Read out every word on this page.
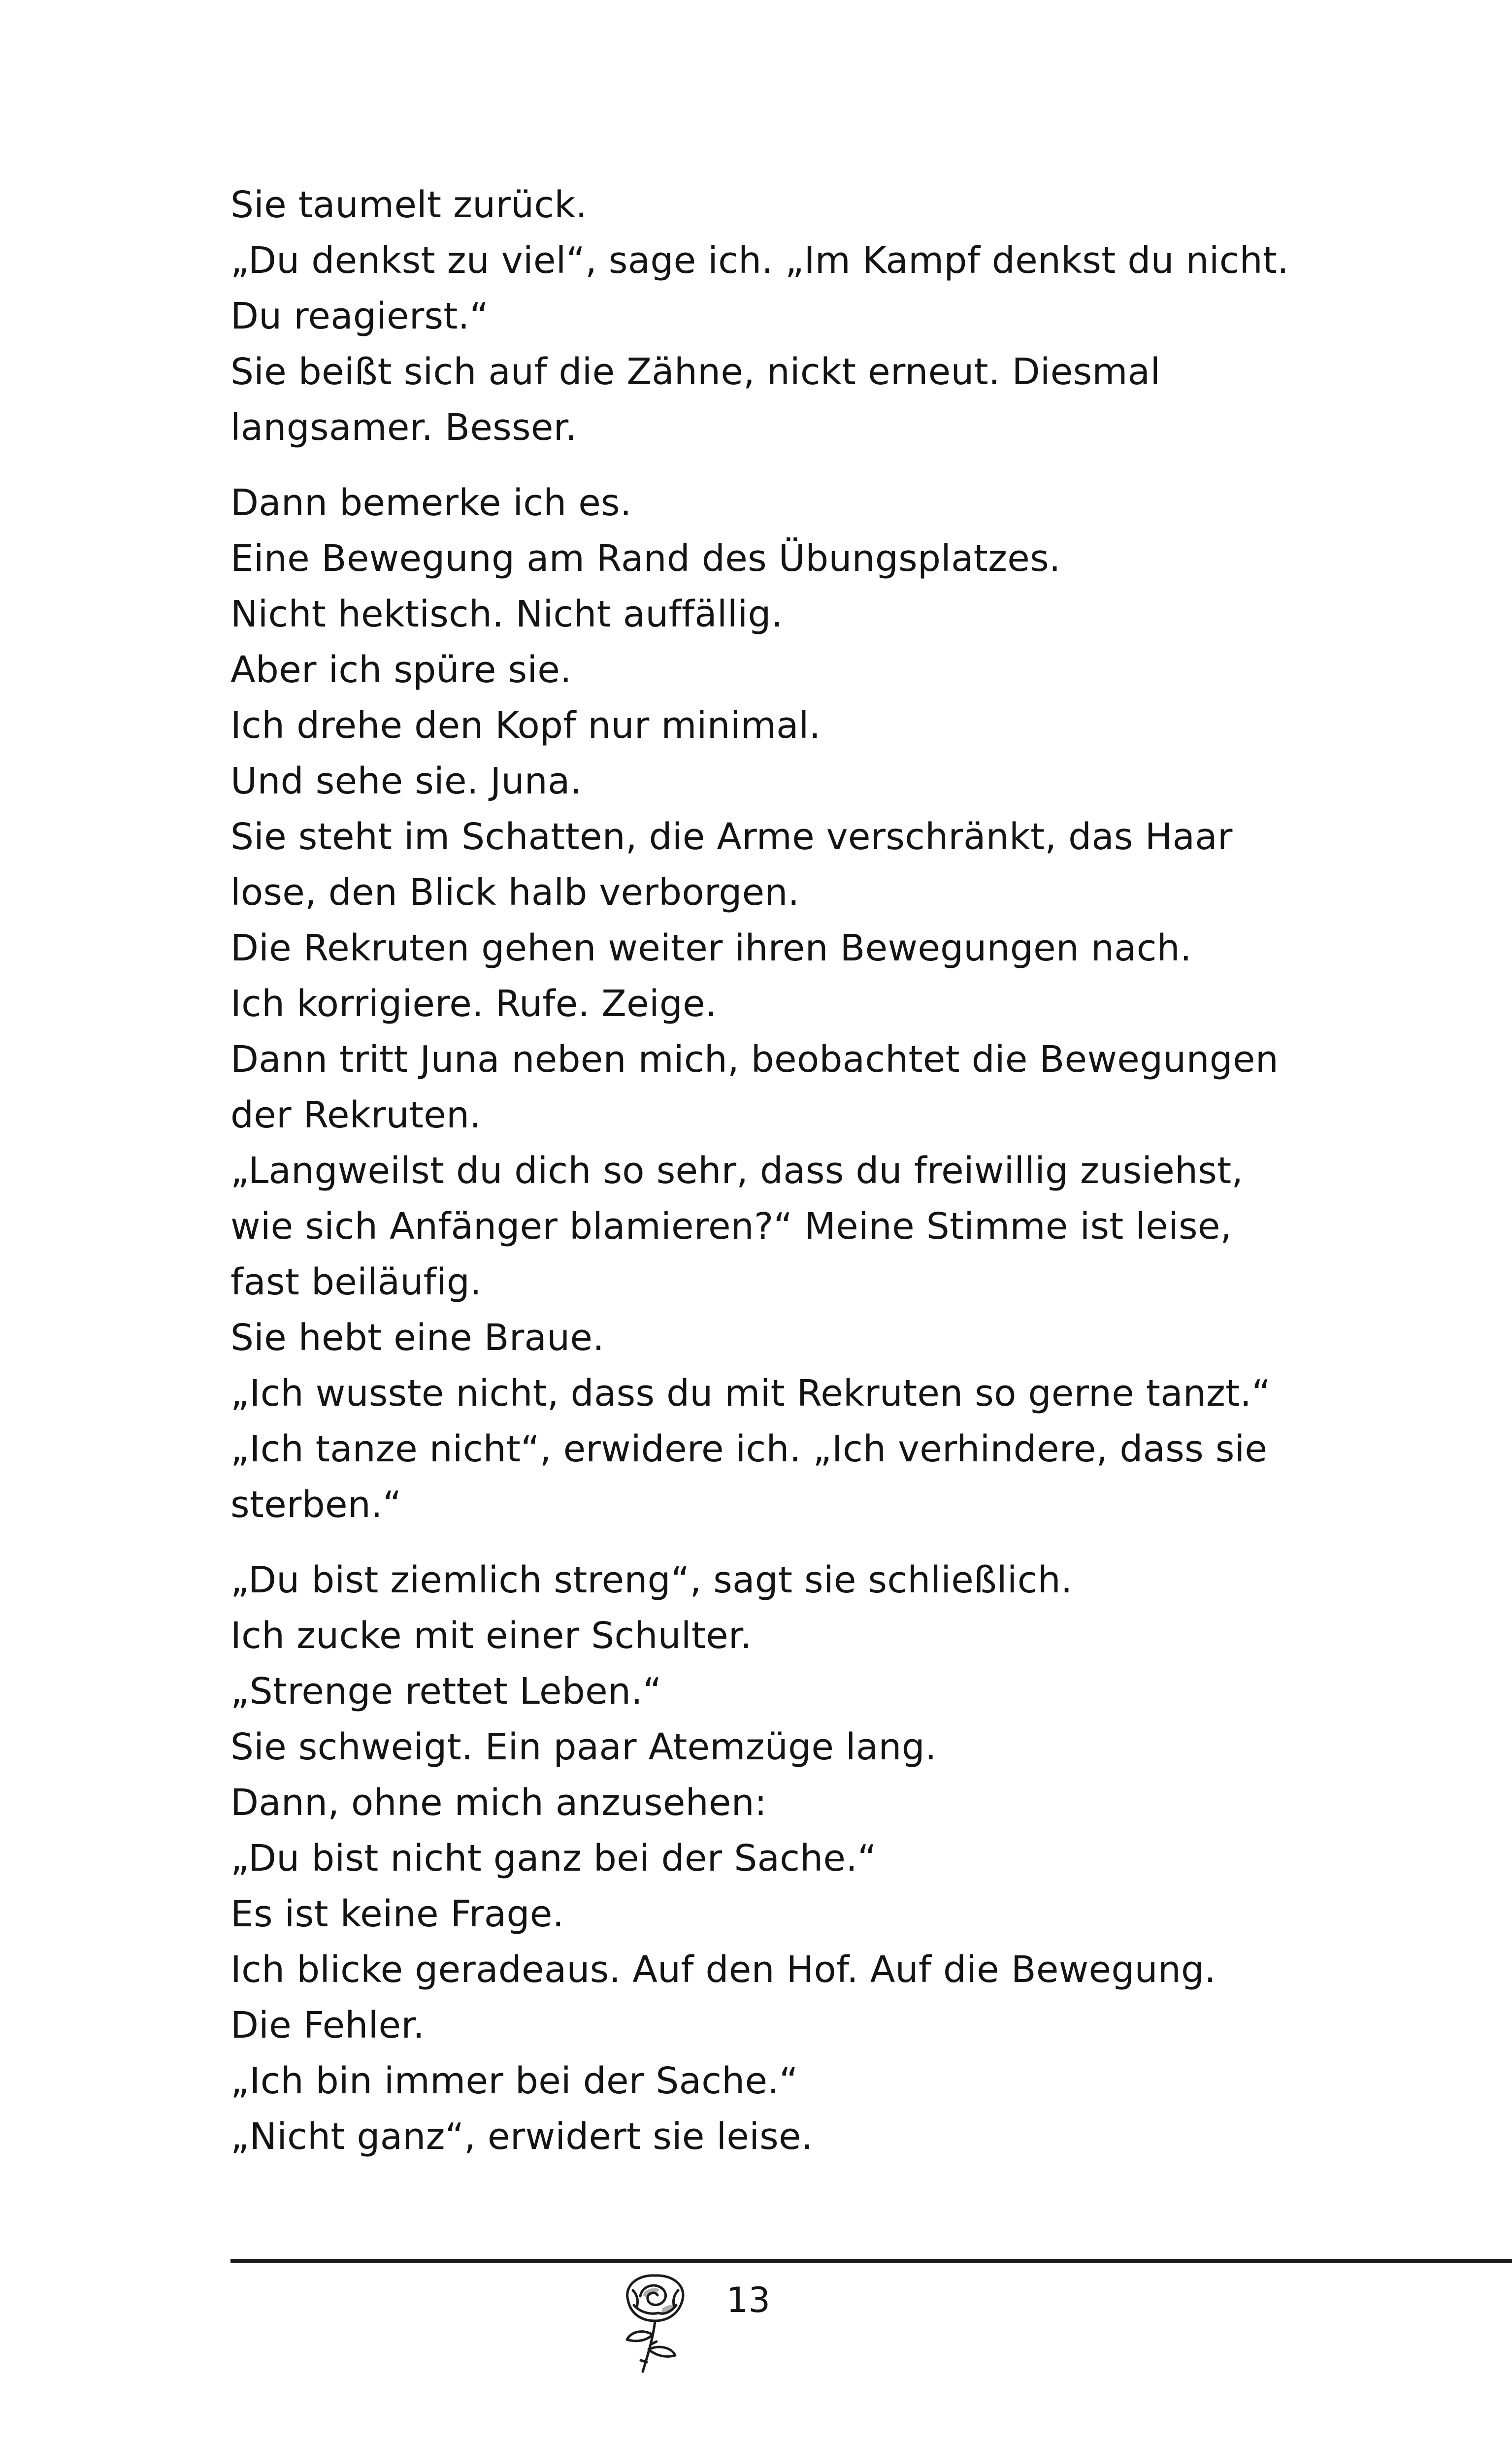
Sie taumelt zurück.
„Du denkst zu viel“, sage ich. „Im Kampf denkst du nicht.
Du reagierst.“
Sie beißt sich auf die Zähne, nickt erneut. Diesmal
langsamer. Besser.
Dann bemerke ich es.
Eine Bewegung am Rand des Übungsplatzes.
Nicht hektisch. Nicht auffällig.
Aber ich spüre sie.
Ich drehe den Kopf nur minimal.
Und sehe sie. Juna.
Sie steht im Schatten, die Arme verschränkt, das Haar
lose, den Blick halb verborgen.
Die Rekruten gehen weiter ihren Bewegungen nach.
Ich korrigiere. Rufe. Zeige.
Dann tritt Juna neben mich, beobachtet die Bewegungen
der Rekruten.
„Langweilst du dich so sehr, dass du freiwillig zusiehst,
wie sich Anfänger blamieren?“ Meine Stimme ist leise,
fast beiläufig.
Sie hebt eine Braue.
„Ich wusste nicht, dass du mit Rekruten so gerne tanzt.“
„Ich tanze nicht“, erwidere ich. „Ich verhindere, dass sie
sterben.“
„Du bist ziemlich streng“, sagt sie schließlich.
Ich zucke mit einer Schulter.
„Strenge rettet Leben.“
Sie schweigt. Ein paar Atemzüge lang.
Dann, ohne mich anzusehen:
„Du bist nicht ganz bei der Sache.“
Es ist keine Frage.
Ich blicke geradeaus. Auf den Hof. Auf die Bewegung.
Die Fehler.
„Ich bin immer bei der Sache.“
„Nicht ganz“, erwidert sie leise.
13
